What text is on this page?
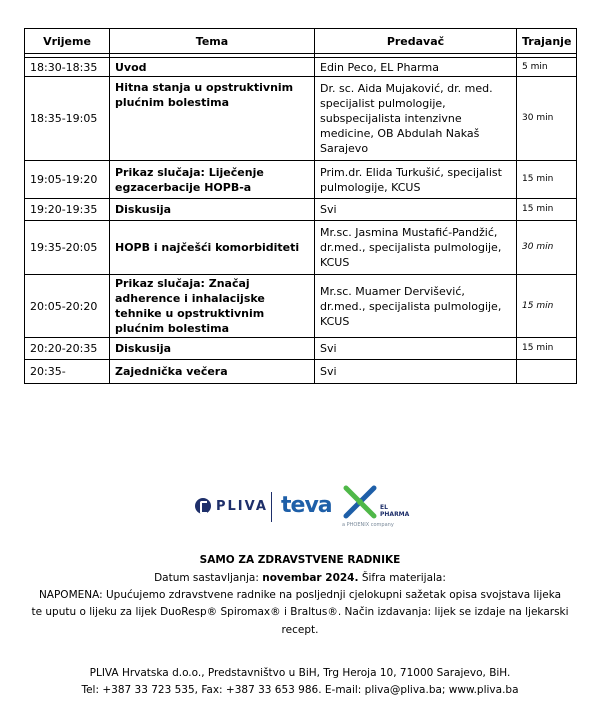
Vrijeme	Tema	Predavač	Trajanje

18:30-18:35	Uvod	Edin Peco, EL Pharma	5 min
18:35-19:05	Hitna stanja u opstruktivnim plućnim bolestima	Dr. sc. Aida Mujaković, dr. med. specijalist pulmologije, subspecijalista intenzivne medicine, OB Abdulah Nakaš Sarajevo	30 min
19:05-19:20	Prikaz slučaja: Liječenje egzacerbacije HOPB-a	Prim.dr. Elida Turkušić, specijalist pulmologije, KCUS	15 min
19:20-19:35	Diskusija	Svi	15 min
19:35-20:05	HOPB i najčešći komorbiditeti	Mr.sc. Jasmina Mustafić-Pandžić, dr.med., specijalista pulmologije, KCUS	30 min
20:05-20:20	Prikaz slučaja: Značaj adherence i inhalacijske tehnike u opstruktivnim plućnim bolestima	Mr.sc. Muamer Dervišević, dr.med., specijalista pulmologije, KCUS	15 min
20:20-20:35	Diskusija	Svi	15 min
20:35-	Zajednička večera	Svi	
PLIVA teva	EL PHARMA
a PHOENIX company
SAMO ZA ZDRAVSTVENE RADNIKE
Datum sastavljanja: novembar 2024. Šifra materijala:
NAPOMENA: Upućujemo zdravstvene radnike na posljednji cjelokupni sažetak opisa svojstava lijeka
te uputu o lijeku za lijek DuoResp® Spiromax® i Braltus®. Način izdavanja: lijek se izdaje na ljekarski
recept.
PLIVA Hrvatska d.o.o., Predstavništvo u BiH, Trg Heroja 10, 71000 Sarajevo, BiH.
Tel: +387 33 723 535, Fax: +387 33 653 986. E-mail: pliva@pliva.ba; www.pliva.ba
